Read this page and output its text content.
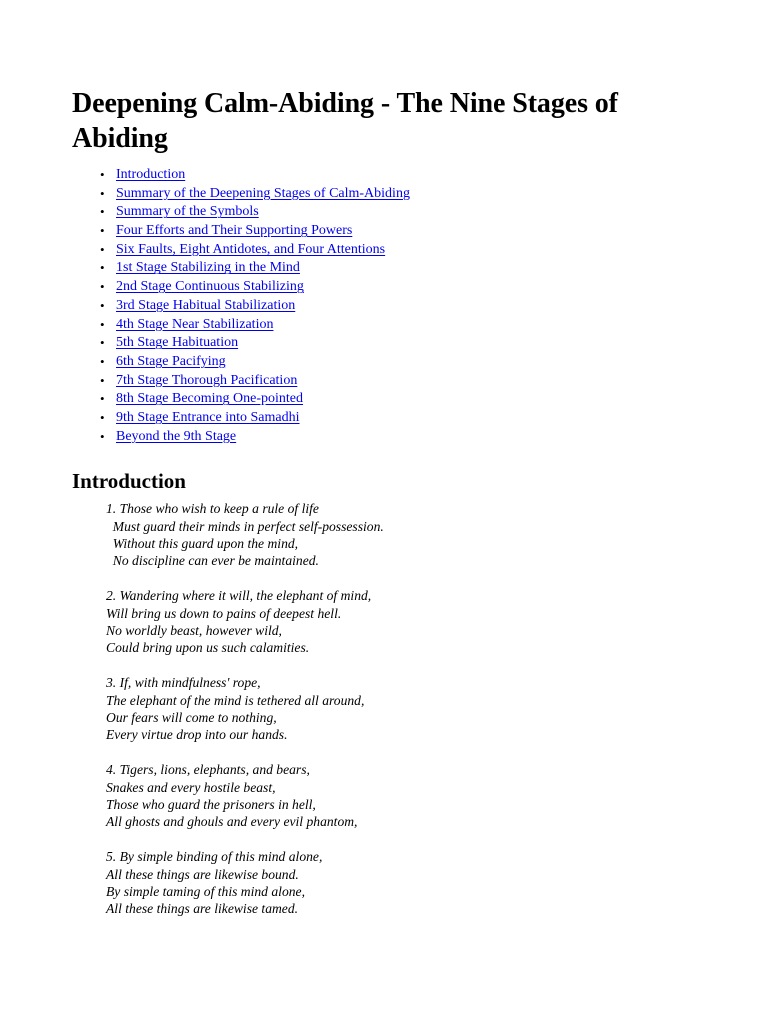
Deepening Calm-Abiding - The Nine Stages of Abiding
• Introduction
• Summary of the Deepening Stages of Calm-Abiding
• Summary of the Symbols
• Four Efforts and Their Supporting Powers
• Six Faults, Eight Antidotes, and Four Attentions
• 1st Stage Stabilizing in the Mind
• 2nd Stage Continuous Stabilizing
• 3rd Stage Habitual Stabilization
• 4th Stage Near Stabilization
• 5th Stage Habituation
• 6th Stage Pacifying
• 7th Stage Thorough Pacification
• 8th Stage Becoming One-pointed
• 9th Stage Entrance into Samadhi
• Beyond the 9th Stage
Introduction
1. Those who wish to keep a rule of life
Must guard their minds in perfect self-possession.
Without this guard upon the mind,
No discipline can ever be maintained.
2. Wandering where it will, the elephant of mind,
Will bring us down to pains of deepest hell.
No worldly beast, however wild,
Could bring upon us such calamities.
3. If, with mindfulness' rope,
The elephant of the mind is tethered all around,
Our fears will come to nothing,
Every virtue drop into our hands.
4. Tigers, lions, elephants, and bears,
Snakes and every hostile beast,
Those who guard the prisoners in hell,
All ghosts and ghouls and every evil phantom,
5. By simple binding of this mind alone,
All these things are likewise bound.
By simple taming of this mind alone,
All these things are likewise tamed.
